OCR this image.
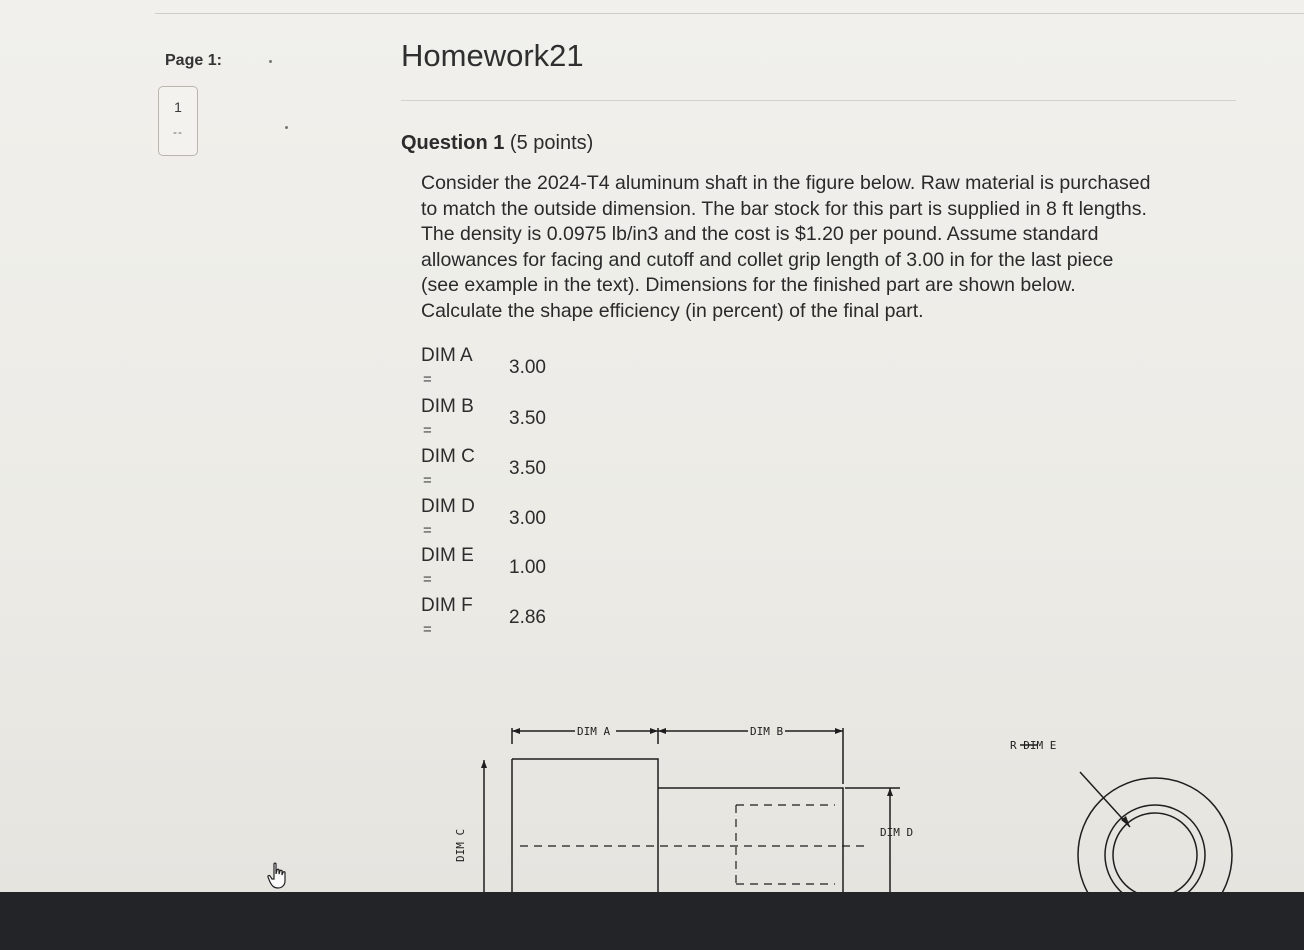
Page 1:
1
--
Homework21
Question 1 (5 points)
Consider the 2024-T4 aluminum shaft in the figure below. Raw material is purchased
to match the outside dimension. The bar stock for this part is supplied in 8 ft lengths.
The density is 0.0975 lb/in3 and the cost is $1.20 per pound. Assume standard
allowances for facing and cutoff and collet grip length of 3.00 in for the last piece
(see example in the text). Dimensions for the finished part are shown below.
Calculate the shape efficiency (in percent) of the final part.
DIM A
=
3.00
DIM B
=
3.50
DIM C
=
3.50
DIM D
=
3.00
DIM E
=
1.00
DIM F
=
2.86
DIM A	DIM B
DIM C	DIM D
R DIM E
